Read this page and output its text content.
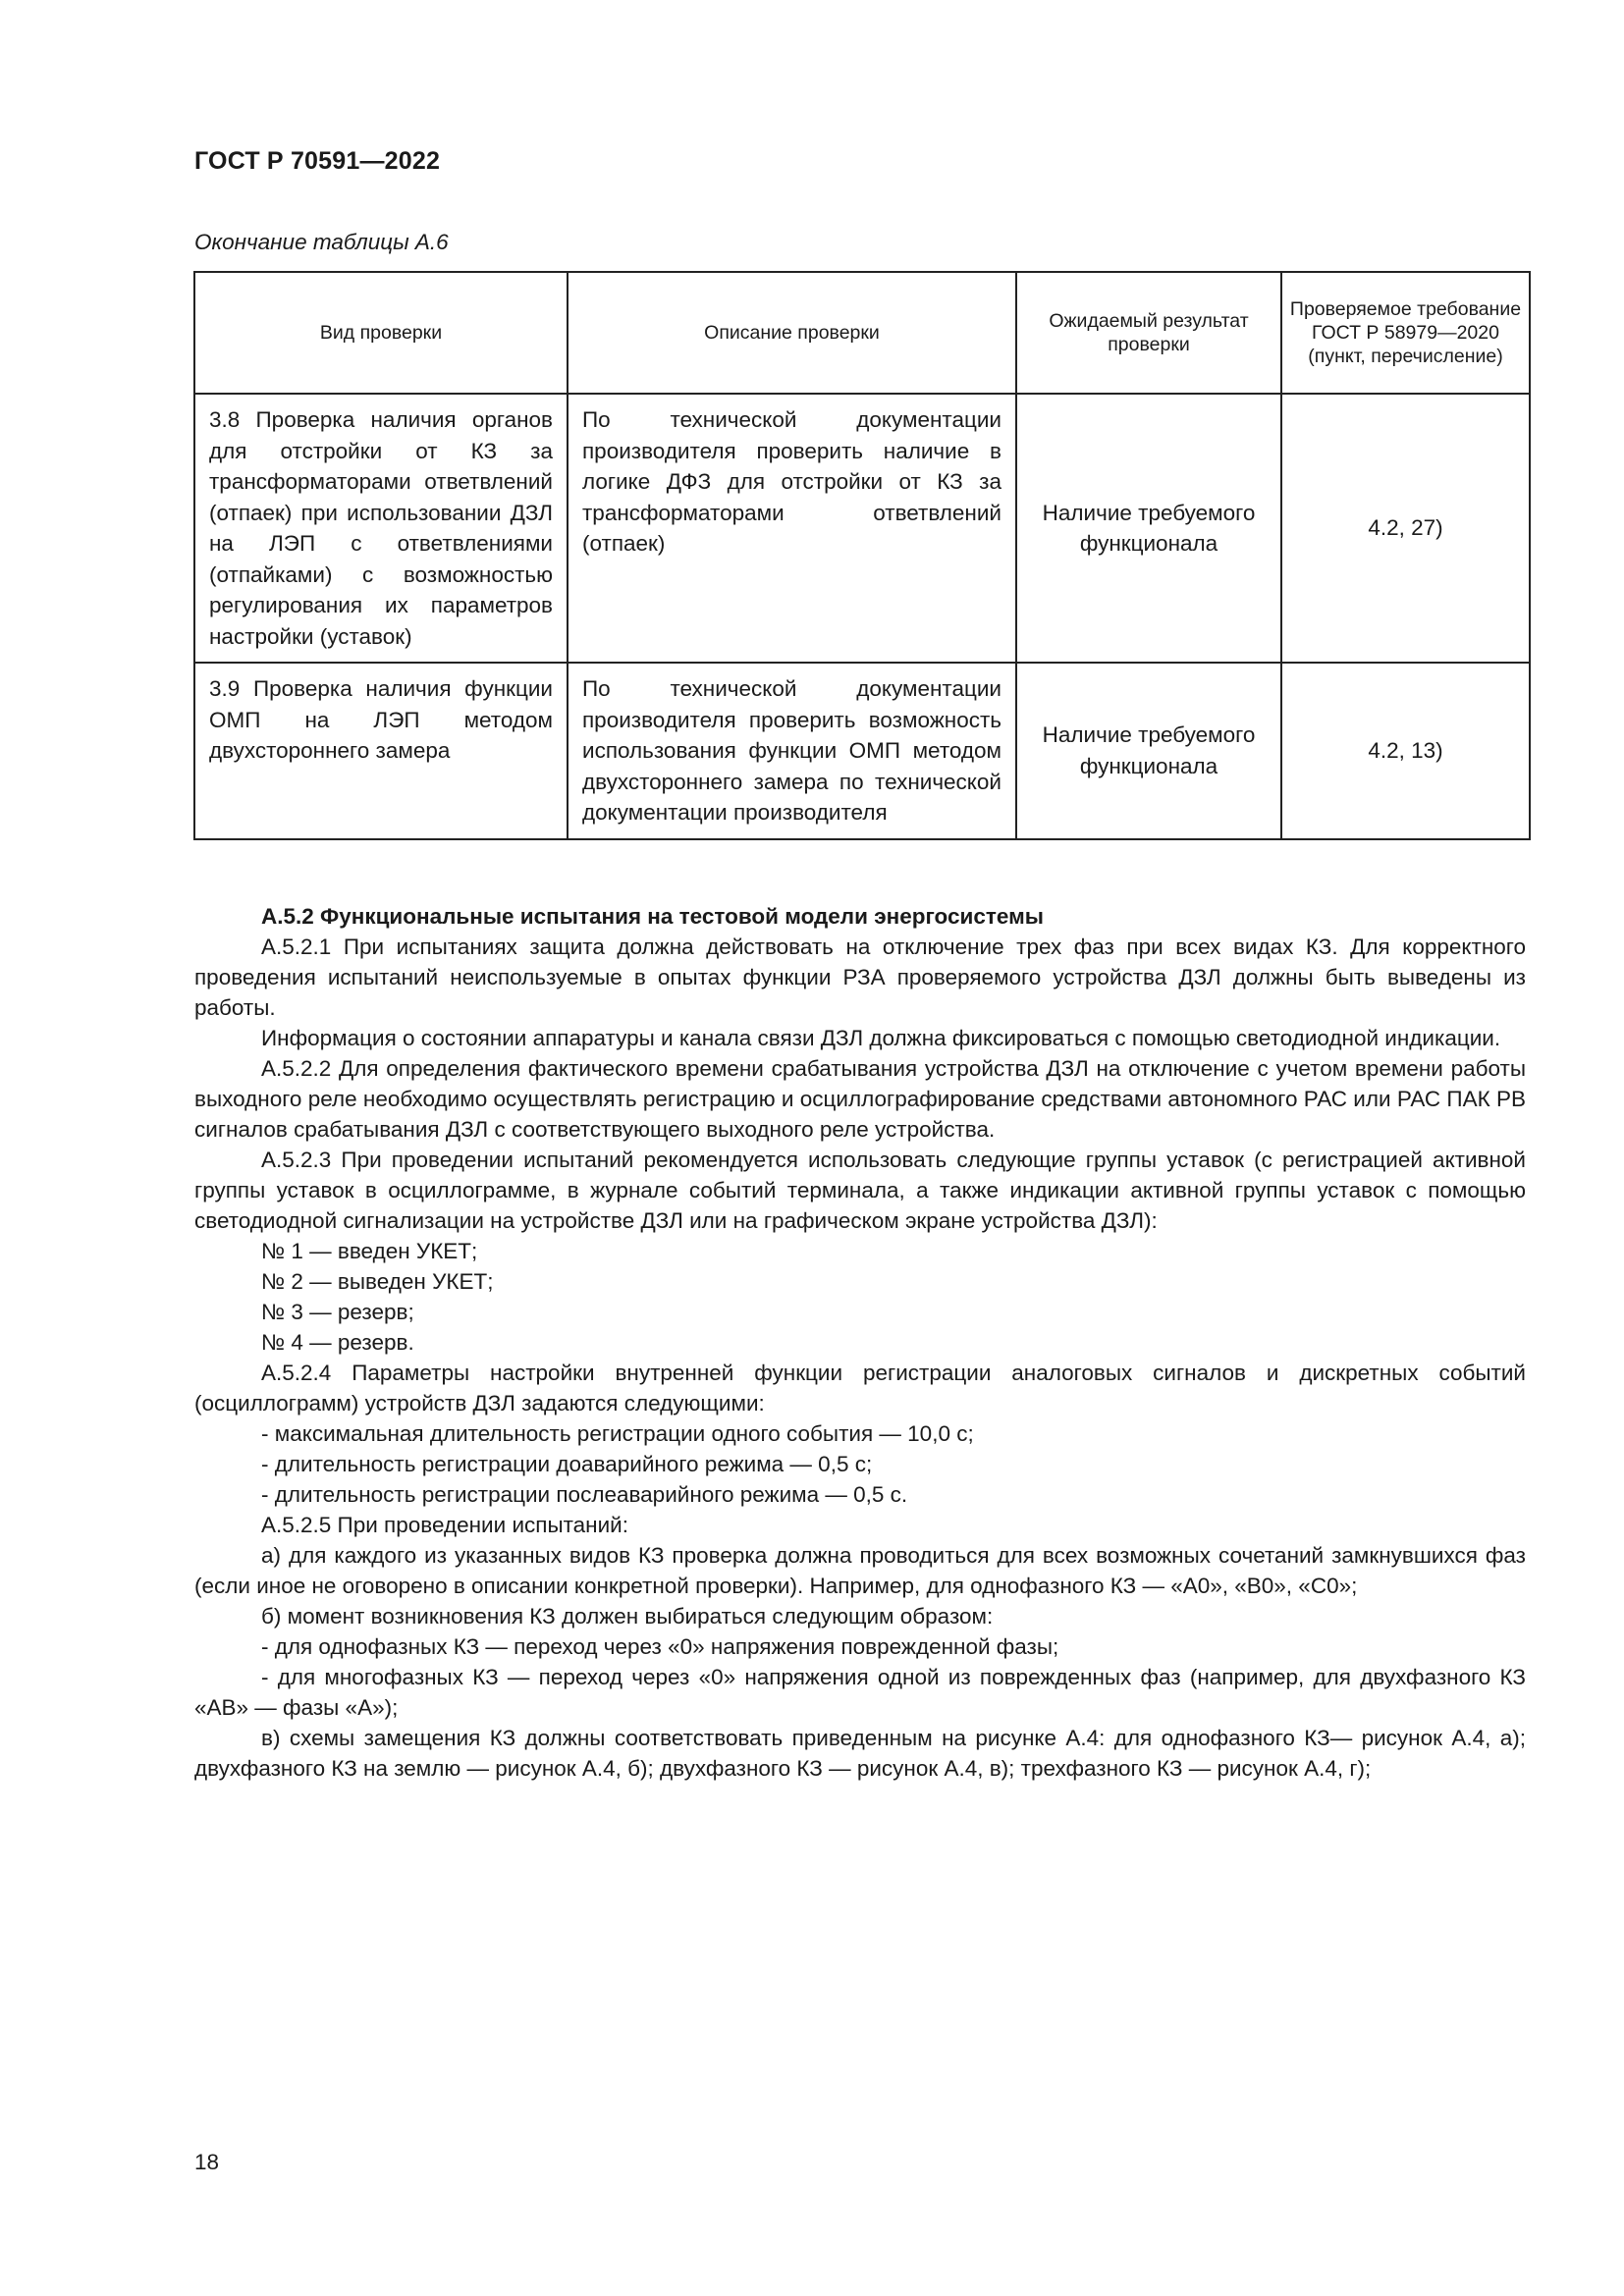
ГОСТ Р 70591—2022
Окончание таблицы А.6
Вид проверки	Описание проверки	Ожидаемый результат проверки	Проверяемое требование ГОСТ Р 58979—2020 (пункт, перечисление)
3.8 Проверка наличия органов для отстройки от КЗ за трансформаторами ответвлений (отпаек) при использовании ДЗЛ на ЛЭП с ответвлениями (отпайками) с возможностью регулирования их параметров настройки (уставок)	По технической документации производителя проверить наличие в логике ДФЗ для отстройки от КЗ за трансформаторами ответвлений (отпаек)	Наличие требуемого функционала	4.2, 27)
3.9 Проверка наличия функции ОМП на ЛЭП методом двухстороннего замера	По технической документации производителя проверить возможность использования функции ОМП методом двухстороннего замера по технической документации производителя	Наличие требуемого функционала	4.2, 13)

А.5.2 Функциональные испытания на тестовой модели энергосистемы

А.5.2.1 При испытаниях защита должна действовать на отключение трех фаз при всех видах КЗ. Для корректного проведения испытаний неиспользуемые в опытах функции РЗА проверяемого устройства ДЗЛ должны быть выведены из работы.

Информация о состоянии аппаратуры и канала связи ДЗЛ должна фиксироваться с помощью светодиодной индикации.

А.5.2.2 Для определения фактического времени срабатывания устройства ДЗЛ на отключение с учетом времени работы выходного реле необходимо осуществлять регистрацию и осциллографирование средствами автономного РАС или РАС ПАК РВ сигналов срабатывания ДЗЛ с соответствующего выходного реле устройства.

А.5.2.3 При проведении испытаний рекомендуется использовать следующие группы уставок (с регистрацией активной группы уставок в осциллограмме, в журнале событий терминала, а также индикации активной группы уставок с помощью светодиодной сигнализации на устройстве ДЗЛ или на графическом экране устройства ДЗЛ):

№ 1 — введен УКЕТ;

№ 2 — выведен УКЕТ;

№ 3 — резерв;

№ 4 — резерв.

А.5.2.4 Параметры настройки внутренней функции регистрации аналоговых сигналов и дискретных событий (осциллограмм) устройств ДЗЛ задаются следующими:

- максимальная длительность регистрации одного события — 10,0 с;

- длительность регистрации доаварийного режима — 0,5 с;

- длительность регистрации послеаварийного режима — 0,5 с.

А.5.2.5 При проведении испытаний:

а) для каждого из указанных видов КЗ проверка должна проводиться для всех возможных сочетаний замкнувшихся фаз (если иное не оговорено в описании конкретной проверки). Например, для однофазного КЗ — «А0», «В0», «С0»;

б) момент возникновения КЗ должен выбираться следующим образом:

- для однофазных КЗ — переход через «0» напряжения поврежденной фазы;

- для многофазных КЗ — переход через «0» напряжения одной из поврежденных фаз (например, для двухфазного КЗ «АВ» — фазы «А»);

в) схемы замещения КЗ должны соответствовать приведенным на рисунке А.4: для однофазного КЗ— рисунок А.4, а); двухфазного КЗ на землю — рисунок А.4, б); двухфазного КЗ — рисунок А.4, в); трехфазного КЗ — рисунок А.4, г);

18
